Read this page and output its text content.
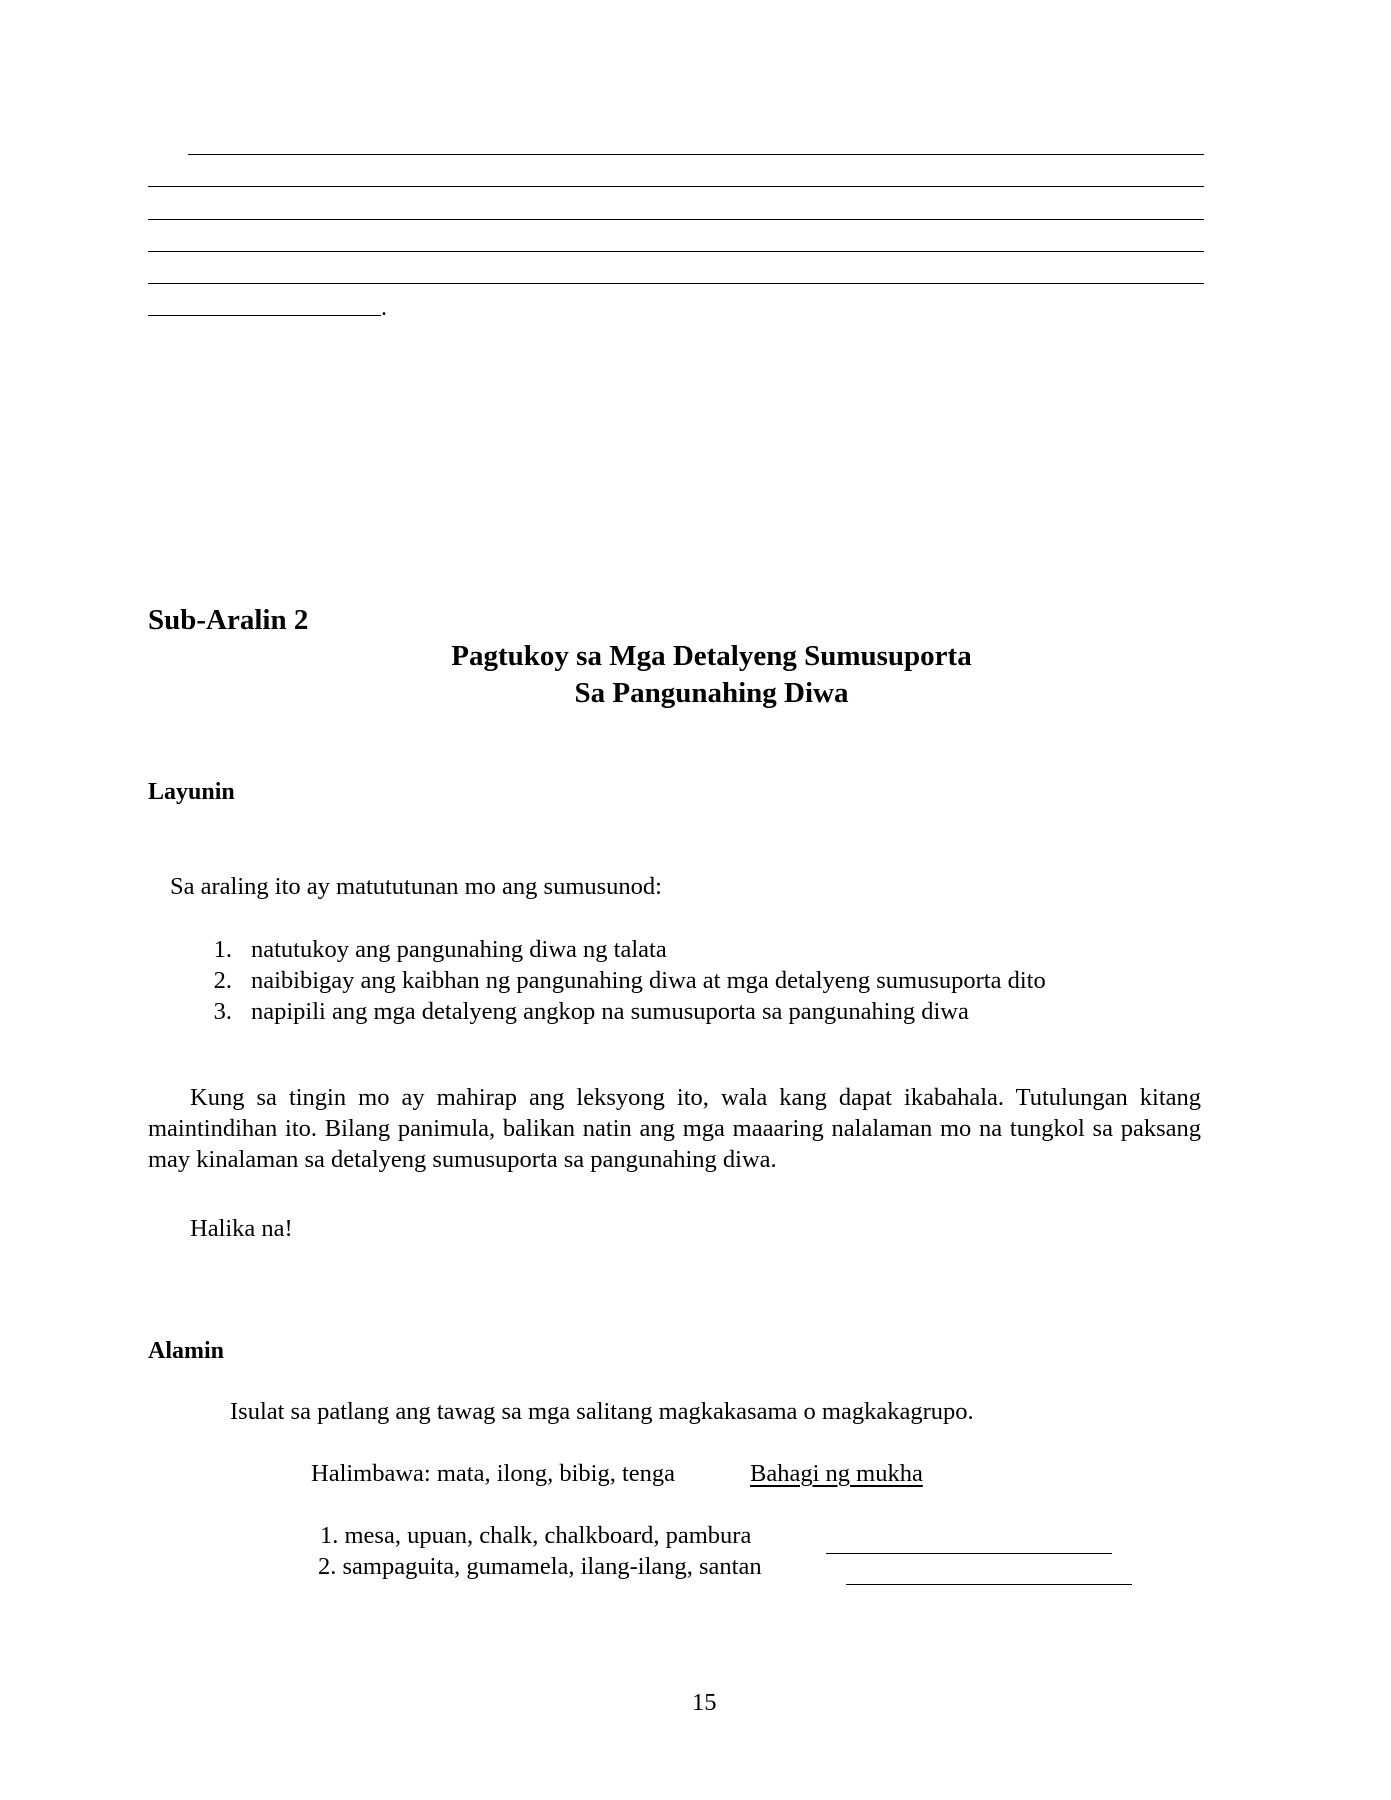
.
Sub-Aralin 2
Pagtukoy sa Mga Detalyeng Sumusuporta
Sa Pangunahing Diwa
Layunin
Sa araling ito ay matututunan mo ang sumusunod:
1. natutukoy ang pangunahing diwa ng talata
2. naibibigay ang kaibhan ng pangunahing diwa at mga detalyeng sumusuporta dito
3. napipili ang mga detalyeng angkop na sumusuporta sa pangunahing diwa

Kung sa tingin mo ay mahirap ang leksyong ito, wala kang dapat ikabahala. Tutulungan kitang maintindihan ito. Bilang panimula, balikan natin ang mga maaaring nalalaman mo na tungkol sa paksang may kinalaman sa detalyeng sumusuporta sa pangunahing diwa.

Halika na!
Alamin
Isulat sa patlang ang tawag sa mga salitang magkakasama o magkakagrupo.
Halimbawa: mata, ilong, bibig, tenga	Bahagi ng mukha
1. mesa, upuan, chalk, chalkboard, pambura
2. sampaguita, gumamela, ilang-ilang, santan
15
